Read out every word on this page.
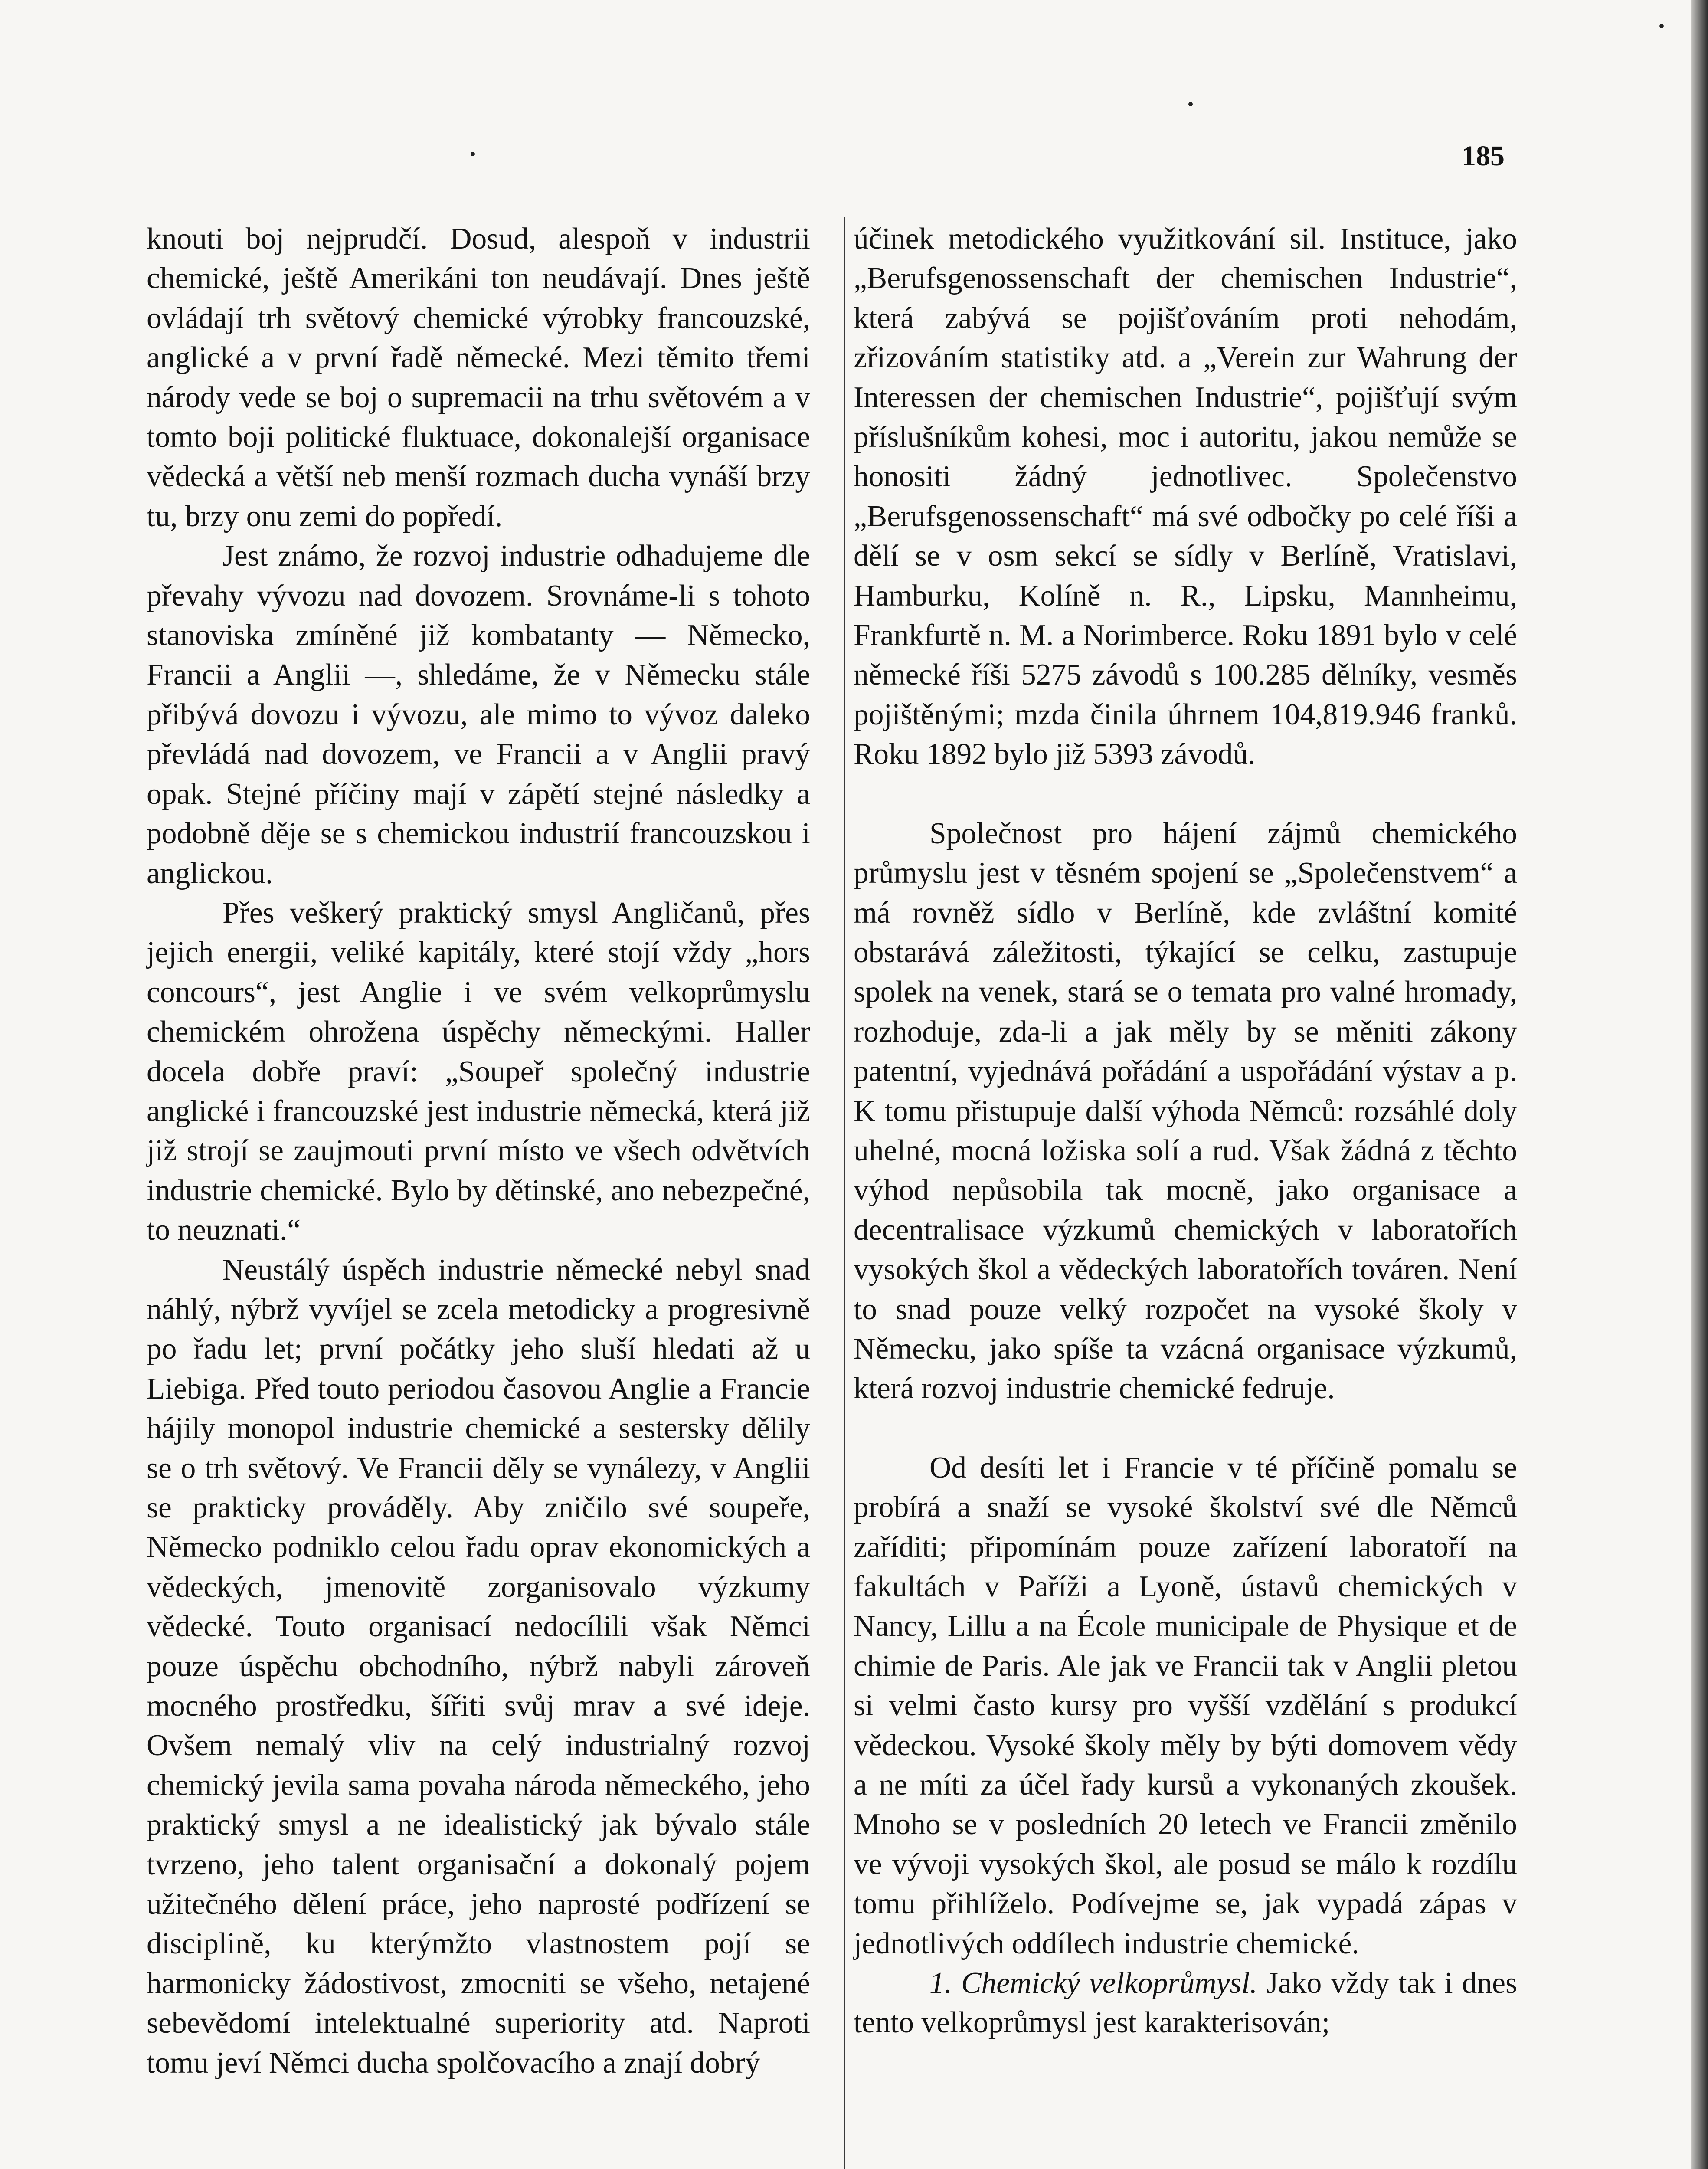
185

knouti boj nejprudčí. Dosud, alespoň v industrii chemické, ještě Amerikáni ton neudávají. Dnes ještě ovládají trh světový chemické výrobky francouzské, anglické a v první řadě německé. Mezi těmito třemi národy vede se boj o supremacii na trhu světovém a v tomto boji politické fluktuace, dokonalejší organisace vědecká a větší neb menší rozmach ducha vynáší brzy tu, brzy onu zemi do popředí.

Jest známo, že rozvoj industrie odhadujeme dle převahy vývozu nad dovozem. Srovnáme-li s tohoto stanoviska zmíněné již kombatanty — Německo, Francii a Anglii —, shledáme, že v Německu stále přibývá dovozu i vývozu, ale mimo to vývoz daleko převládá nad dovozem, ve Francii a v Anglii pravý opak. Stejné příčiny mají v zápětí stejné následky a podobně děje se s chemickou industrií francouzskou i anglickou.

Přes veškerý praktický smysl Angličanů, přes jejich energii, veliké kapitály, které stojí vždy „hors concours“, jest Anglie i ve svém velkoprůmyslu chemickém ohrožena úspěchy německými. Haller docela dobře praví: „Soupeř společný industrie anglické i francouzské jest industrie německá, která již již strojí se zaujmouti první místo ve všech odvětvích industrie chemické. Bylo by dětinské, ano nebezpečné, to neuznati.“

Neustálý úspěch industrie německé nebyl snad náhlý, nýbrž vyvíjel se zcela metodicky a progresivně po řadu let; první počátky jeho sluší hledati až u Liebiga. Před touto periodou časovou Anglie a Francie hájily monopol industrie chemické a sestersky dělily se o trh světový. Ve Francii děly se vynálezy, v Anglii se prakticky prováděly. Aby zničilo své soupeře, Německo podniklo celou řadu oprav ekonomických a vědeckých, jmenovitě zorganisovalo výzkumy vědecké. Touto organisací nedocílili však Němci pouze úspěchu obchodního, nýbrž nabyli zároveň mocného prostředku, šířiti svůj mrav a své ideje. Ovšem nemalý vliv na celý industrialný rozvoj chemický jevila sama povaha národa německého, jeho praktický smysl a ne idealistický jak bývalo stále tvrzeno, jeho talent organisační a dokonalý pojem užitečného dělení práce, jeho naprosté podřízení se disciplině, ku kterýmžto vlastnostem pojí se harmonicky žádostivost, zmocniti se všeho, netajené sebevědomí intelektualné superiority atd. Naproti tomu jeví Němci ducha spolčovacího a znají dobrý

účinek metodického využitkování sil. Instituce, jako „Berufsgenossenschaft der chemischen Industrie“, která zabývá se pojišťováním proti nehodám, zřizováním statistiky atd. a „Verein zur Wahrung der Interessen der chemischen Industrie“, pojišťují svým příslušníkům kohesi, moc i autoritu, jakou nemůže se honositi žádný jednotlivec. Společenstvo „Berufsgenossenschaft“ má své odbočky po celé říši a dělí se v osm sekcí se sídly v Berlíně, Vratislavi, Hamburku, Kolíně n. R., Lipsku, Mannheimu, Frankfurtě n. M. a Norimberce. Roku 1891 bylo v celé německé říši 5275 závodů s 100.285 dělníky, vesměs pojištěnými; mzda činila úhrnem 104,819.946 franků. Roku 1892 bylo již 5393 závodů.

Společnost pro hájení zájmů chemického průmyslu jest v těsném spojení se „Společenstvem“ a má rovněž sídlo v Berlíně, kde zvláštní komité obstarává záležitosti, týkající se celku, zastupuje spolek na venek, stará se o temata pro valné hromady, rozhoduje, zda-li a jak měly by se měniti zákony patentní, vyjednává pořádání a uspořádání výstav a p. K tomu přistupuje další výhoda Němců: rozsáhlé doly uhelné, mocná ložiska solí a rud. Však žádná z těchto výhod nepůsobila tak mocně, jako organisace a decentralisace výzkumů chemických v laboratořích vysokých škol a vědeckých laboratořích továren. Není to snad pouze velký rozpočet na vysoké školy v Německu, jako spíše ta vzácná organisace výzkumů, která rozvoj industrie chemické fedruje.

Od desíti let i Francie v té příčině pomalu se probírá a snaží se vysoké školství své dle Němců zaříditi; připomínám pouze zařízení laboratoří na fakultách v Paříži a Lyoně, ústavů chemických v Nancy, Lillu a na École municipale de Physique et de chimie de Paris. Ale jak ve Francii tak v Anglii pletou si velmi často kursy pro vyšší vzdělání s produkcí vědeckou. Vysoké školy měly by býti domovem vědy a ne míti za účel řady kursů a vykonaných zkoušek. Mnoho se v posledních 20 letech ve Francii změnilo ve vývoji vysokých škol, ale posud se málo k rozdílu tomu přihlíželo. Podívejme se, jak vypadá zápas v jednotlivých oddílech industrie chemické.

1. Chemický velkoprůmysl. Jako vždy tak i dnes tento velkoprůmysl jest karakterisován;
